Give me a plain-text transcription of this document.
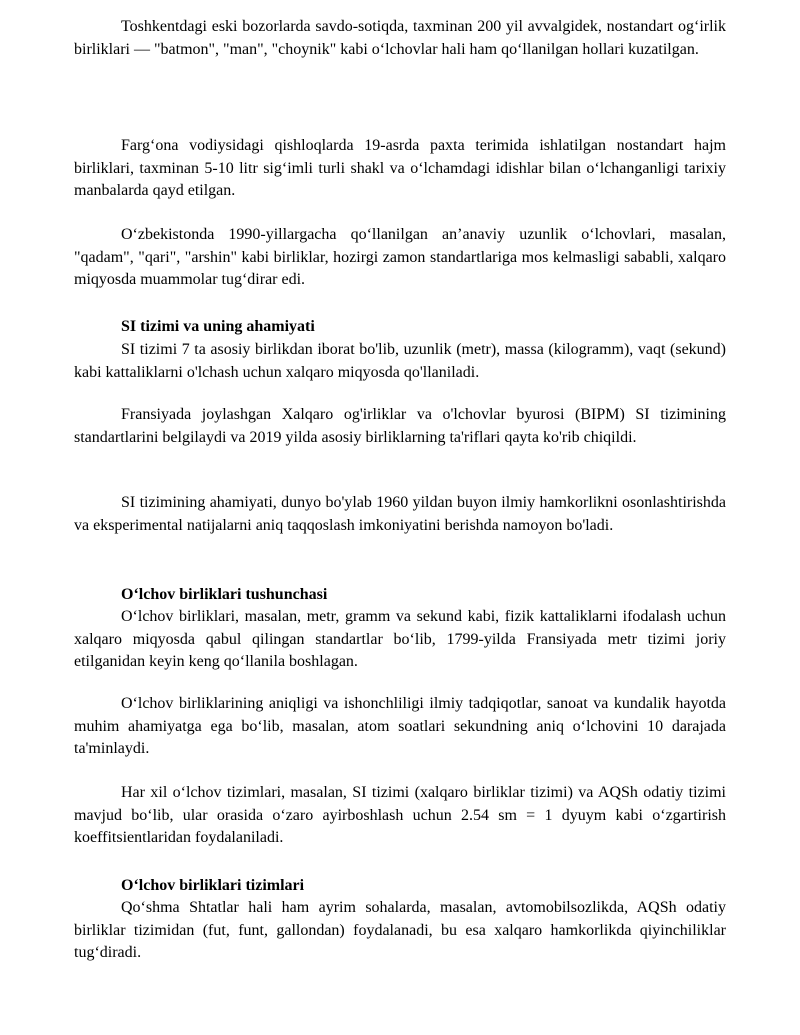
Toshkentdagi eski bozorlarda savdo-sotiqda, taxminan 200 yil avvalgidek, nostandart og‘irlik birliklari — "batmon", "man", "choynik" kabi o‘lchovlar hali ham qo‘llanilgan hollari kuzatilgan.

Farg‘ona vodiysidagi qishloqlarda 19-asrda paxta terimida ishlatilgan nostandart hajm birliklari, taxminan 5-10 litr sig‘imli turli shakl va o‘lchamdagi idishlar bilan o‘lchanganligi tarixiy manbalarda qayd etilgan.

O‘zbekistonda 1990-yillargacha qo‘llanilgan an’anaviy uzunlik o‘lchovlari, masalan, "qadam", "qari", "arshin" kabi birliklar, hozirgi zamon standartlariga mos kelmasligi sababli, xalqaro miqyosda muammolar tug‘dirar edi.

SI tizimi va uning ahamiyati

SI tizimi 7 ta asosiy birlikdan iborat bo'lib, uzunlik (metr), massa (kilogramm), vaqt (sekund) kabi kattaliklarni o'lchash uchun xalqaro miqyosda qo'llaniladi.

Fransiyada joylashgan Xalqaro og'irliklar va o'lchovlar byurosi (BIPM) SI tizimining standartlarini belgilaydi va 2019 yilda asosiy birliklarning ta'riflari qayta ko'rib chiqildi.

SI tizimining ahamiyati, dunyo bo'ylab 1960 yildan buyon ilmiy hamkorlikni osonlashtirishda va eksperimental natijalarni aniq taqqoslash imkoniyatini berishda namoyon bo'ladi.

O‘lchov birliklari tushunchasi

O‘lchov birliklari, masalan, metr, gramm va sekund kabi, fizik kattaliklarni ifodalash uchun xalqaro miqyosda qabul qilingan standartlar bo‘lib, 1799-yilda Fransiyada metr tizimi joriy etilganidan keyin keng qo‘llanila boshlagan.

O‘lchov birliklarining aniqligi va ishonchliligi ilmiy tadqiqotlar, sanoat va kundalik hayotda muhim ahamiyatga ega bo‘lib, masalan, atom soatlari sekundning aniq o‘lchovini 10 darajada ta'minlaydi.

Har xil o‘lchov tizimlari, masalan, SI tizimi (xalqaro birliklar tizimi) va AQSh odatiy tizimi mavjud bo‘lib, ular orasida o‘zaro ayirboshlash uchun 2.54 sm = 1 dyuym kabi o‘zgartirish koeffitsientlaridan foydalaniladi.

O‘lchov birliklari tizimlari

Qo‘shma Shtatlar hali ham ayrim sohalarda, masalan, avtomobilsozlikda, AQSh odatiy birliklar tizimidan (fut, funt, gallondan) foydalanadi, bu esa xalqaro hamkorlikda qiyinchiliklar tug‘diradi.
